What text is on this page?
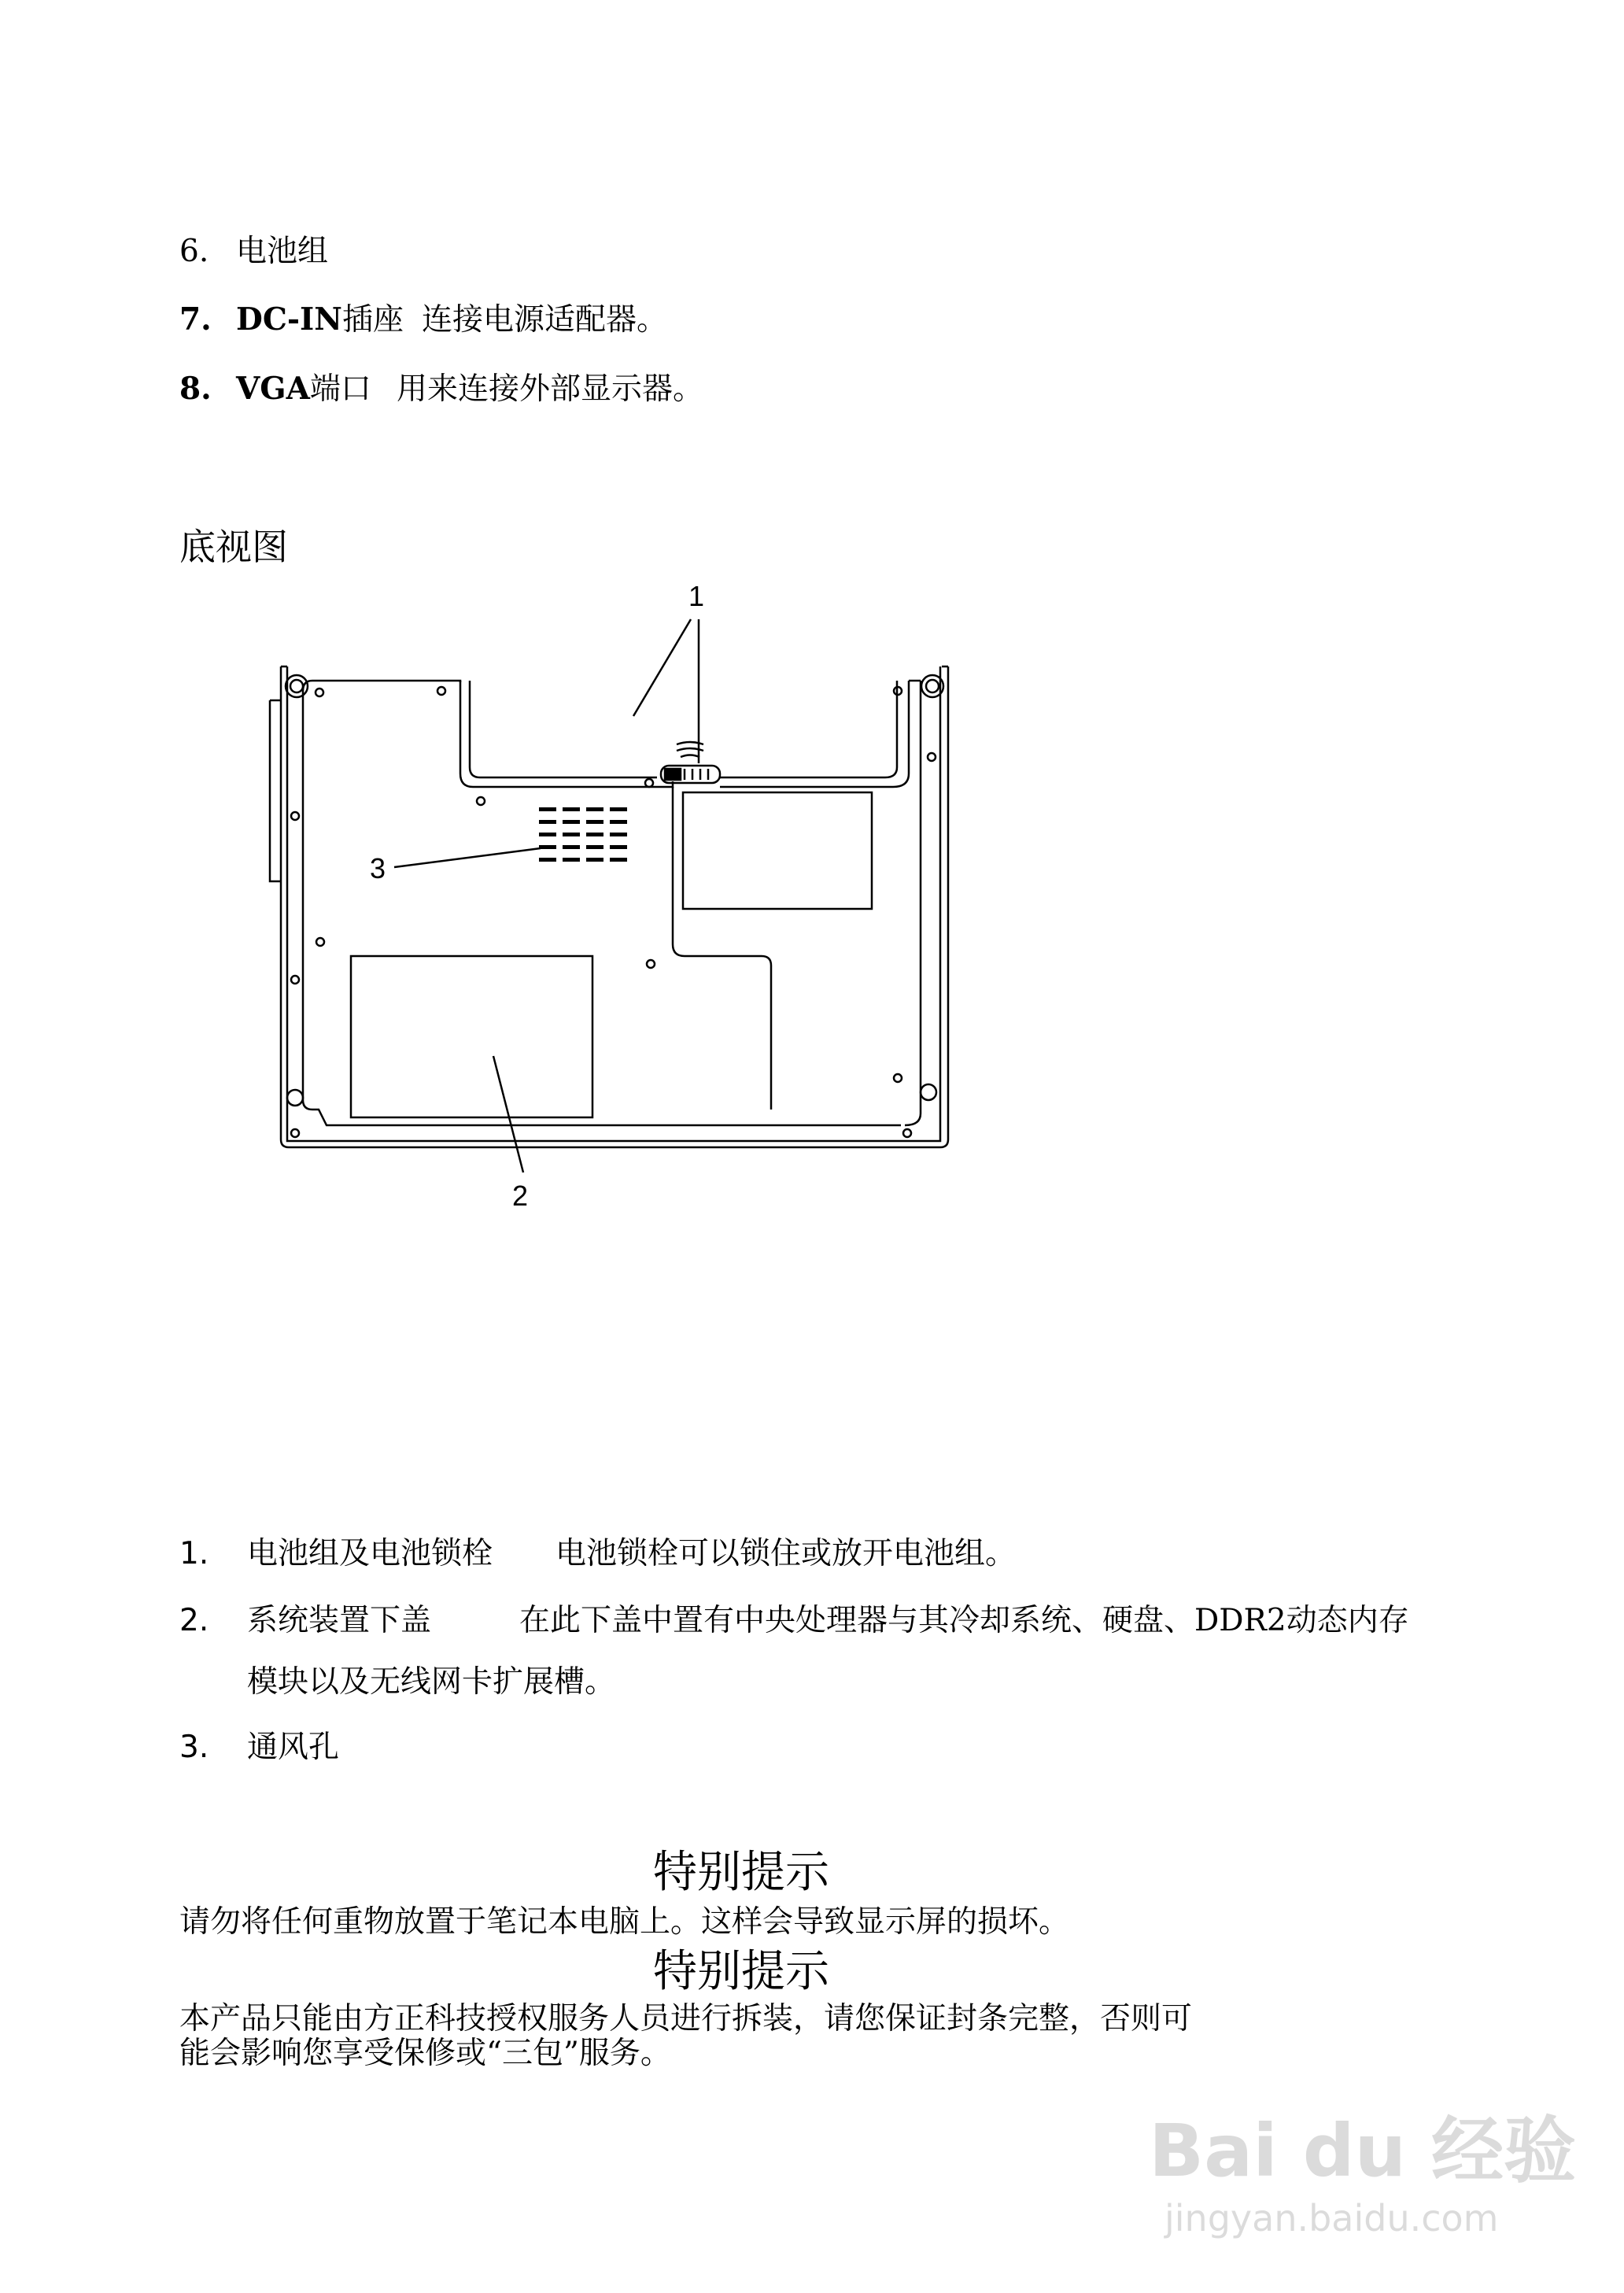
6. 电池组
7. DC-IN插座 连接电源适配器。
8. VGA端口 用来连接外部显示器。
底视图
1
2
3
1. 电池组及电池锁栓 电池锁栓可以锁住或放开电池组。
2. 系统装置下盖	在此下盖中置有中央处理器与其冷却系统、硬盘、DDR2动态内存
模块以及无线网卡扩展槽。
3. 通风孔
特别提示
请勿将任何重物放置于笔记本电脑上。这样会导致显示屏的损坏。
特别提示
本产品只能由方正科技授权服务人员进行拆装，请您保证封条完整，否则可
能会影响您享受保修或“三包”服务。
Bai du 经验
jingyan.baidu.com
